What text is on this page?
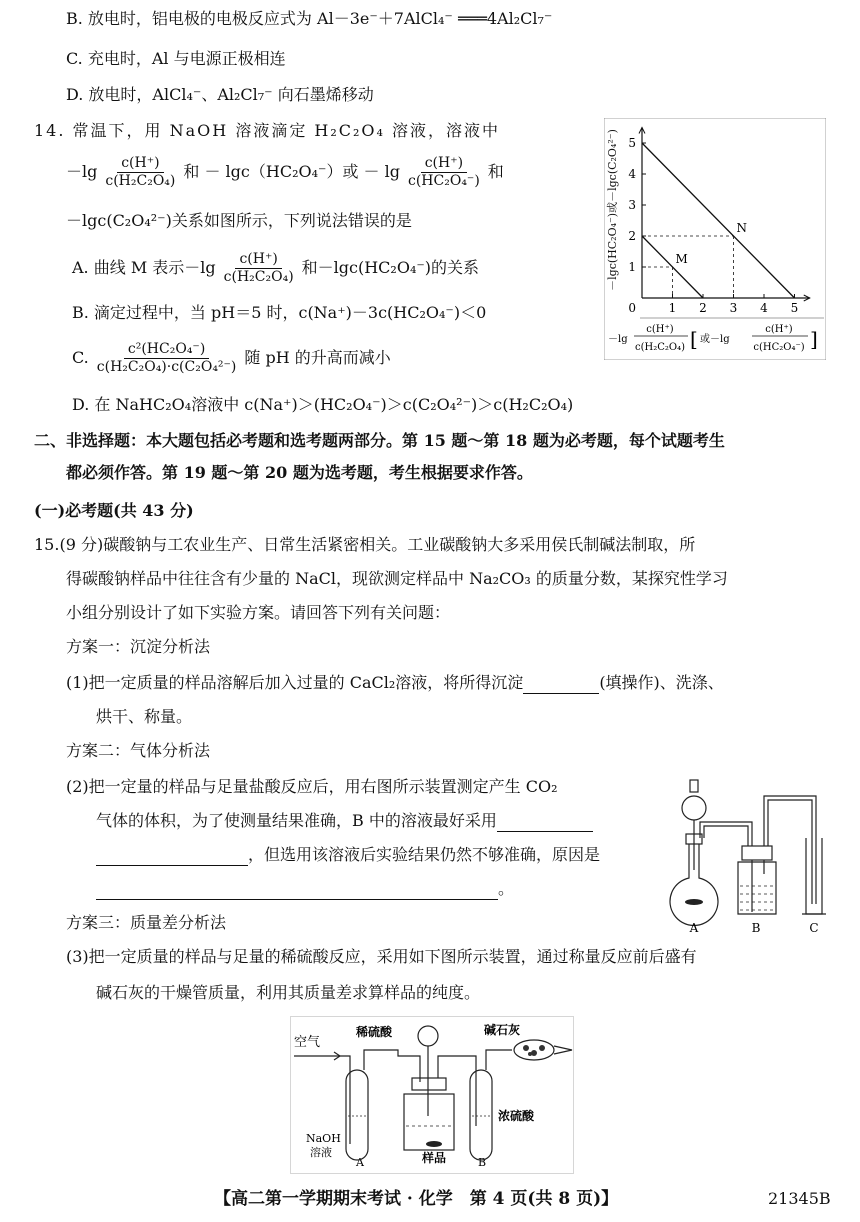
B. 放电时，铝电极的电极反应式为 Al－3e⁻＋7AlCl₄⁻ ═══4Al₂Cl₇⁻
C. 充电时，Al 与电源正极相连
D. 放电时，AlCl₄⁻、Al₂Cl₇⁻ 向石墨烯移动
14. 常温下，用 NaOH 溶液滴定 H₂C₂O₄ 溶液，溶液中
$-\lg \frac{c(H^+)}{\text{c(H₂C₂O₄)}}$ 和 － lgc（HC₂O₄⁻）或 － $\lg \frac{c(H^+)}{\text{c(HC₂O₄⁻)}}$ 和
－lgc(C₂O₄²⁻)关系如图所示，下列说法错误的是
A. 曲线 M 表示$-\lg \frac{c(H^+)}{\text{c(H₂C₂O₄)}}$ 和－lgc(HC₂O₄⁻)的关系
B. 滴定过程中，当 pH＝5 时，c(Na⁺)－3c(HC₂O₄⁻)＜0
C. $\frac{\text{c²(HC₂O₄⁻)}}{\text{c(H₂C₂O₄)·c(C₂O₄²⁻)}}$ 随 pH 的升高而减小
D. 在 NaHC₂O₄溶液中 c(Na⁺)＞(HC₂O₄⁻)＞c(C₂O₄²⁻)＞c(H₂C₂O₄)
－lgc(HC₂O₄⁻)或－lgc(C₂O₄²⁻)
1 2 3 4 5
1
2
3
4
5
0
M
N
－lg
c(H⁺)
c(H₂C₂O₄) [ 或－lg
c(H⁺)
c(HC₂O₄⁻) ]
二、非选择题：本大题包括必考题和选考题两部分。第 15 题～第 18 题为必考题，每个试题考生
都必须作答。第 19 题～第 20 题为选考题，考生根据要求作答。
(一)必考题(共 43 分)
15.(9 分)碳酸钠与工农业生产、日常生活紧密相关。工业碳酸钠大多采用侯氏制碱法制取，所
得碳酸钠样品中往往含有少量的 NaCl，现欲测定样品中 Na₂CO₃ 的质量分数，某探究性学习
小组分别设计了如下实验方案。请回答下列有关问题：
方案一：沉淀分析法
(1)把一定质量的样品溶解后加入过量的 CaCl₂溶液，将所得沉淀	(填操作)、洗涤、
烘干、称量。
方案二：气体分析法
(2)把一定量的样品与足量盐酸反应后，用右图所示装置测定产生 CO₂
气体的体积，为了使测量结果准确，B 中的溶液最好采用
，但选用该溶液后实验结果仍然不够准确，原因是
。
方案三：质量差分析法
(3)把一定质量的样品与足量的稀硫酸反应，采用如下图所示装置，通过称量反应前后盛有
碱石灰的干燥管质量，利用其质量差求算样品的纯度。
A	B	C
空气
稀硫酸	碱石灰
NaOH
溶液
浓硫酸
样品
A	B
【高二第一学期期末考试 · 化学　第 4 页(共 8 页)】	21345B
